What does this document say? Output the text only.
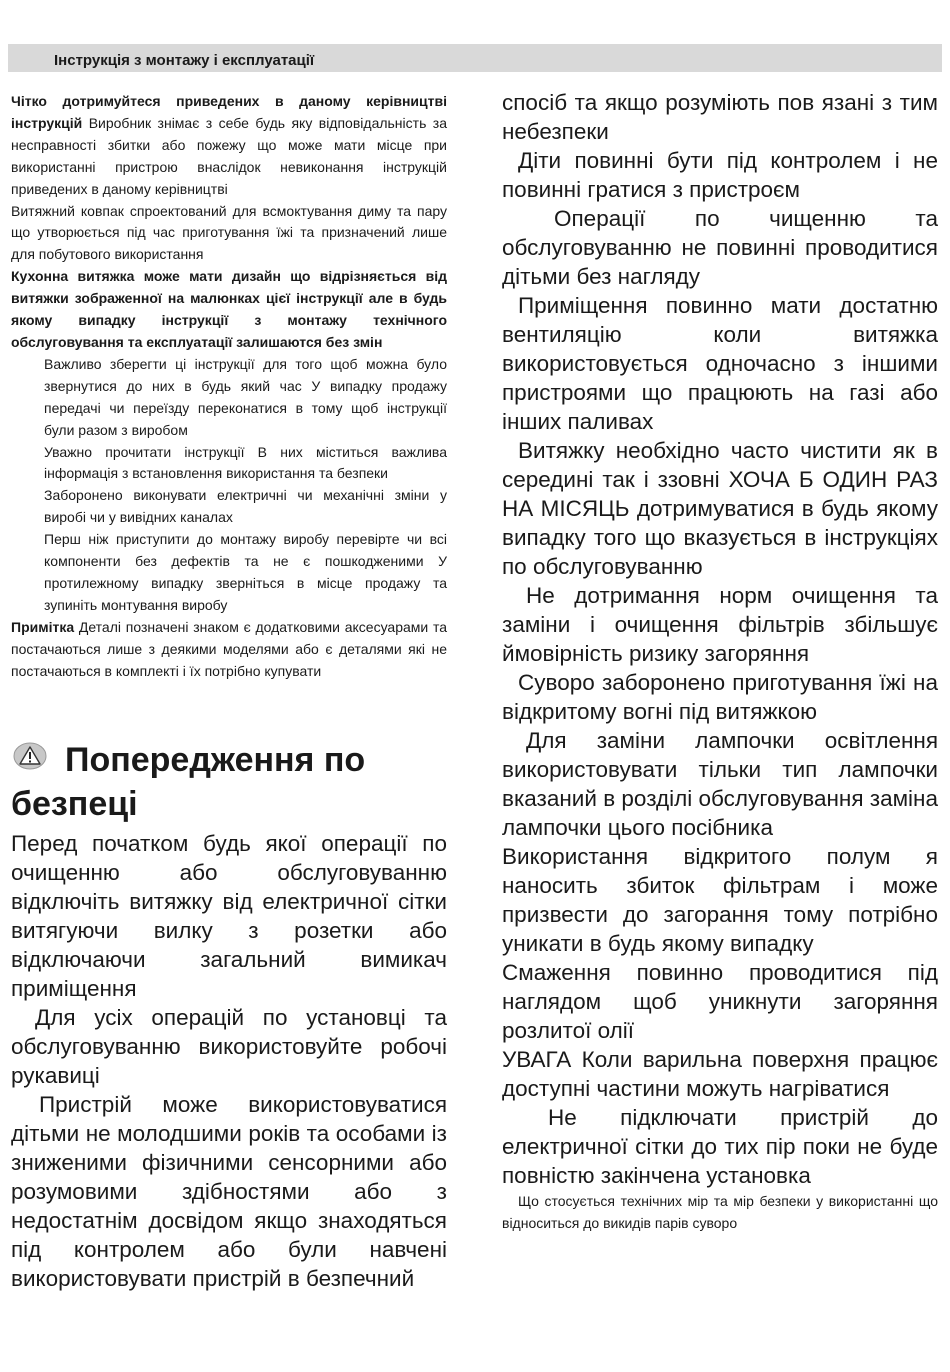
Інструкція з монтажу і експлуатації

Чітко дотримуйтеся приведених в даному керівництві інструкцій Виробник знімає з себе будь яку відповідальність за несправності збитки або пожежу що може мати місце при використанні пристрою внаслідок невиконання інструкцій приведених в даному керівництві

Витяжний ковпак спроектований для всмоктування диму та пару що утворюється під час приготування їжі та призначений лише для побутового використання

Кухонна витяжка може мати дизайн що відрізняється від витяжки зображенної на малюнках цієї інструкції але в будь якому випадку інструкції з монтажу технічного обслуговування та експлуатації залишаются без змін

Важливо зберегти ці інструкції для того щоб можна було звернутися до них в будь який час У випадку продажу передачі чи переїзду переконатися в тому щоб інструкції були разом з виробом

Уважно прочитати інструкції В них міститься важлива інформація з встановлення використання та безпеки

Заборонено виконувати електричні чи механічні зміни у виробі чи у вивідних каналах

Перш ніж приступити до монтажу виробу перевірте чи всі компоненти без дефектів та не є пошкодженими У протилежному випадку зверніться в місце продажу та зупиніть монтування виробу

Примітка Деталі позначені знаком є додатковими аксесуарами та постачаються лише з деякими моделями або є деталями які не постачаються в комплекті і їх потрібно купувати

Попередження по
безпеці

Перед початком будь якої операції по очищенню або обслуговуванню відключіть витяжку від електричної сітки витягуючи вилку з розетки або відключаючи загальний вимикач приміщення

Для усіх операцій по установці та обслуговуванню використовуйте робочі рукавиці

Пристрій може використовуватися дітьми не молодшими років та особами із зниженими фізичними сенсорними або розумовими здібностями або з недостатнім досвідом якщо знаходяться під контролем або були навчені використовувати пристрій в безпечний

спосіб та якщо розуміють пов язані з тим небезпеки

Діти повинні бути під контролем і не повинні гратися з пристроєм

Операції по чищенню та обслуговуванню не повинні проводитися дітьми без нагляду

Приміщення повинно мати достатню вентиляцію коли витяжка використовується одночасно з іншими пристроями що працюють на газі або інших паливах

Витяжку необхідно часто чистити як в середині так і ззовні ХОЧА Б ОДИН РАЗ НА МІСЯЦЬ дотримуватися в будь якому випадку того що вказується в інструкціях по обслуговуванню

Не дотримання норм очищення та заміни і очищення фільтрів збільшує ймовірність ризику загоряння

Суворо заборонено приготування їжі на відкритому вогні під витяжкою

Для заміни лампочки освітлення використовувати тільки тип лампочки вказаний в розділі обслуговування заміна лампочки цього посібника

Використання відкритого полум я наносить збиток фільтрам і може призвести до загорання тому потрібно уникати в будь якому випадку

Смаження повинно проводитися під наглядом щоб уникнути загоряння розлитої олії

УВАГА Коли варильна поверхня працює доступні частини можуть нагріватися

Не підключати пристрій до електричної сітки до тих пір поки не буде повністю закінчена установка

Що стосується технічних мір та мір безпеки у використанні що відноситься до викидів парів суворо
